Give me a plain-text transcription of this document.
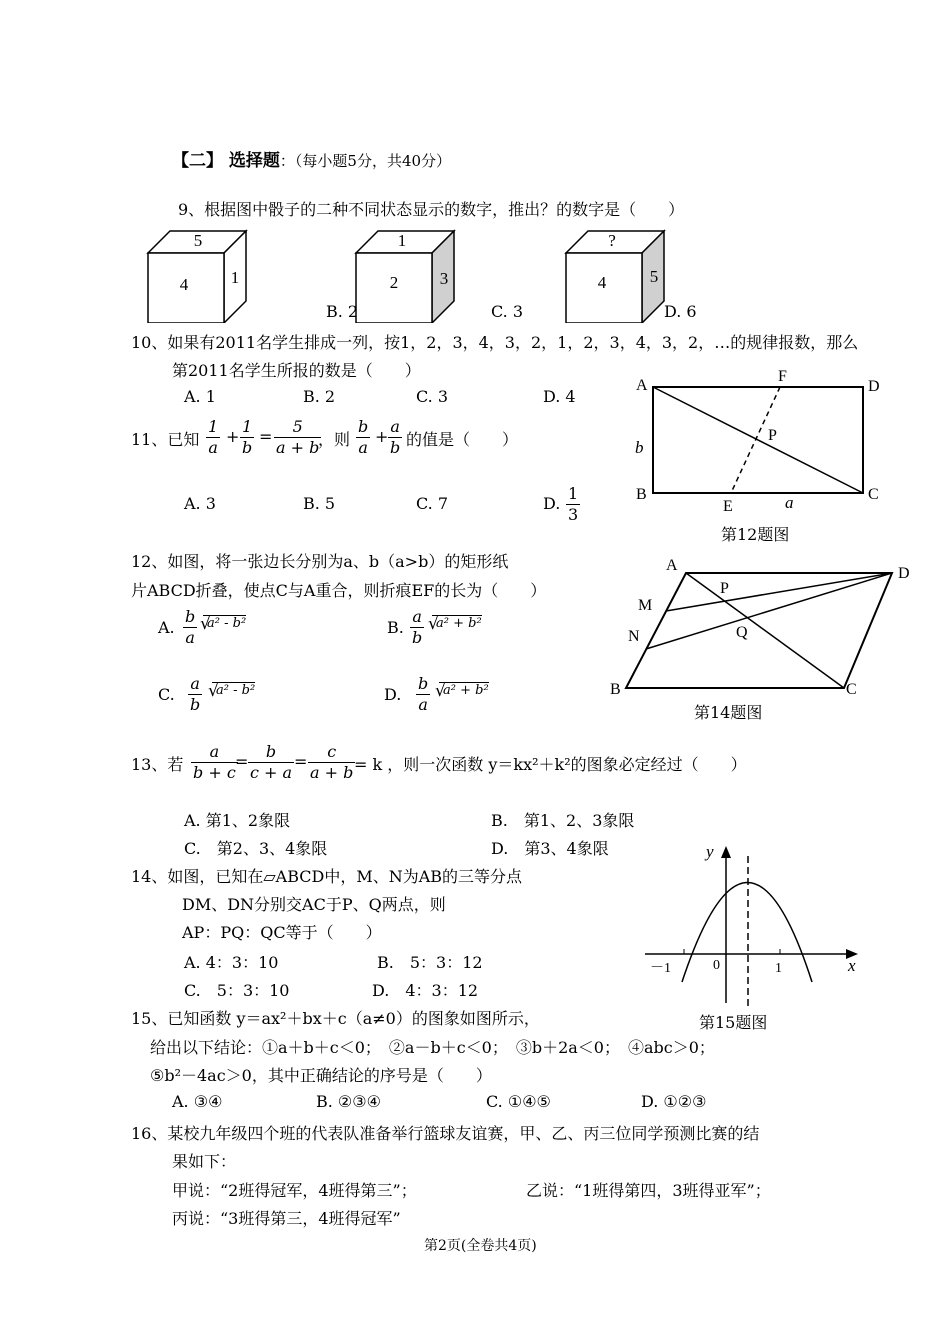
【二】 选择题：（每小题5分，共40分）
9、根据图中骰子的二种不同状态显示的数字，推出？的数字是（　　）
5
4	1
1
2 3
?
4	5
B. 2	C. 3	D. 6
10、如果有2011名学生排成一列，按1，2，3，4，3，2，1，2，3，4，3，2，…的规律报数，那么
第2011名学生所报的数是（　　）
A. 1	B. 2	C. 3	D. 4
11、已知 $\frac{1}{a} + \frac{1}{b} = \frac{5}{a + b}$
，则 $\frac{b}{a} + \frac{a}{b}$ 的值是（　　）
A. 3	B. 5	C. 7	D. $\frac{1}{3}$
A
F
D
P
B
E
C
b
a
第12题图
12、如图，将一张边长分别为a、b（a>b）的矩形纸
片ABCD折叠，使点C与A重合，则折痕EF的长为（　　）
A. $\frac{b}{a} a^2 - b^2$
√	B. $\frac{a}{b} a^2 + b^2$
√
C. $\frac{a}{b}$	a² - b²
√	D. $\frac{b}{a} a^2 + b^2$
√
A	D
P
M
Q
N
B	C
第14题图
13、若 $\frac{a}{b + c}$
= $\frac{b}{c + a} = \frac{c}{a + b}$
= k ，则一次函数 y＝kx²＋k²的图象必定经过（　　）
A. 第1、2象限	B.　第1、2、3象限
C.　第2、3、4象限	D.　第3、4象限	y
x
－1	0	1
第15题图
14、如图，已知在▱ABCD中，M、N为AB的三等分点
DM、DN分别交AC于P、Q两点，则
AP：PQ：QC等于（　　）
A. 4：3：10	B.　5：3：12
C.　5：3：10	D.　4：3：12
15、已知函数 y＝ax²＋bx＋c（a≠0）的图象如图所示，
给出以下结论：①a＋b＋c＜0；　②a－b＋c＜0；　③b＋2a＜0；　④abc＞0；
⑤b²－4ac＞0，其中正确结论的序号是（　　）
A. ③④	B. ②③④	C. ①④⑤	D. ①②③
16、某校九年级四个班的代表队准备举行篮球友谊赛，甲、乙、丙三位同学预测比赛的结
果如下：
甲说：“2班得冠军，4班得第三”；	乙说：“1班得第四，3班得亚军”；
丙说：“3班得第三，4班得冠军”
第2页(全卷共4页)
